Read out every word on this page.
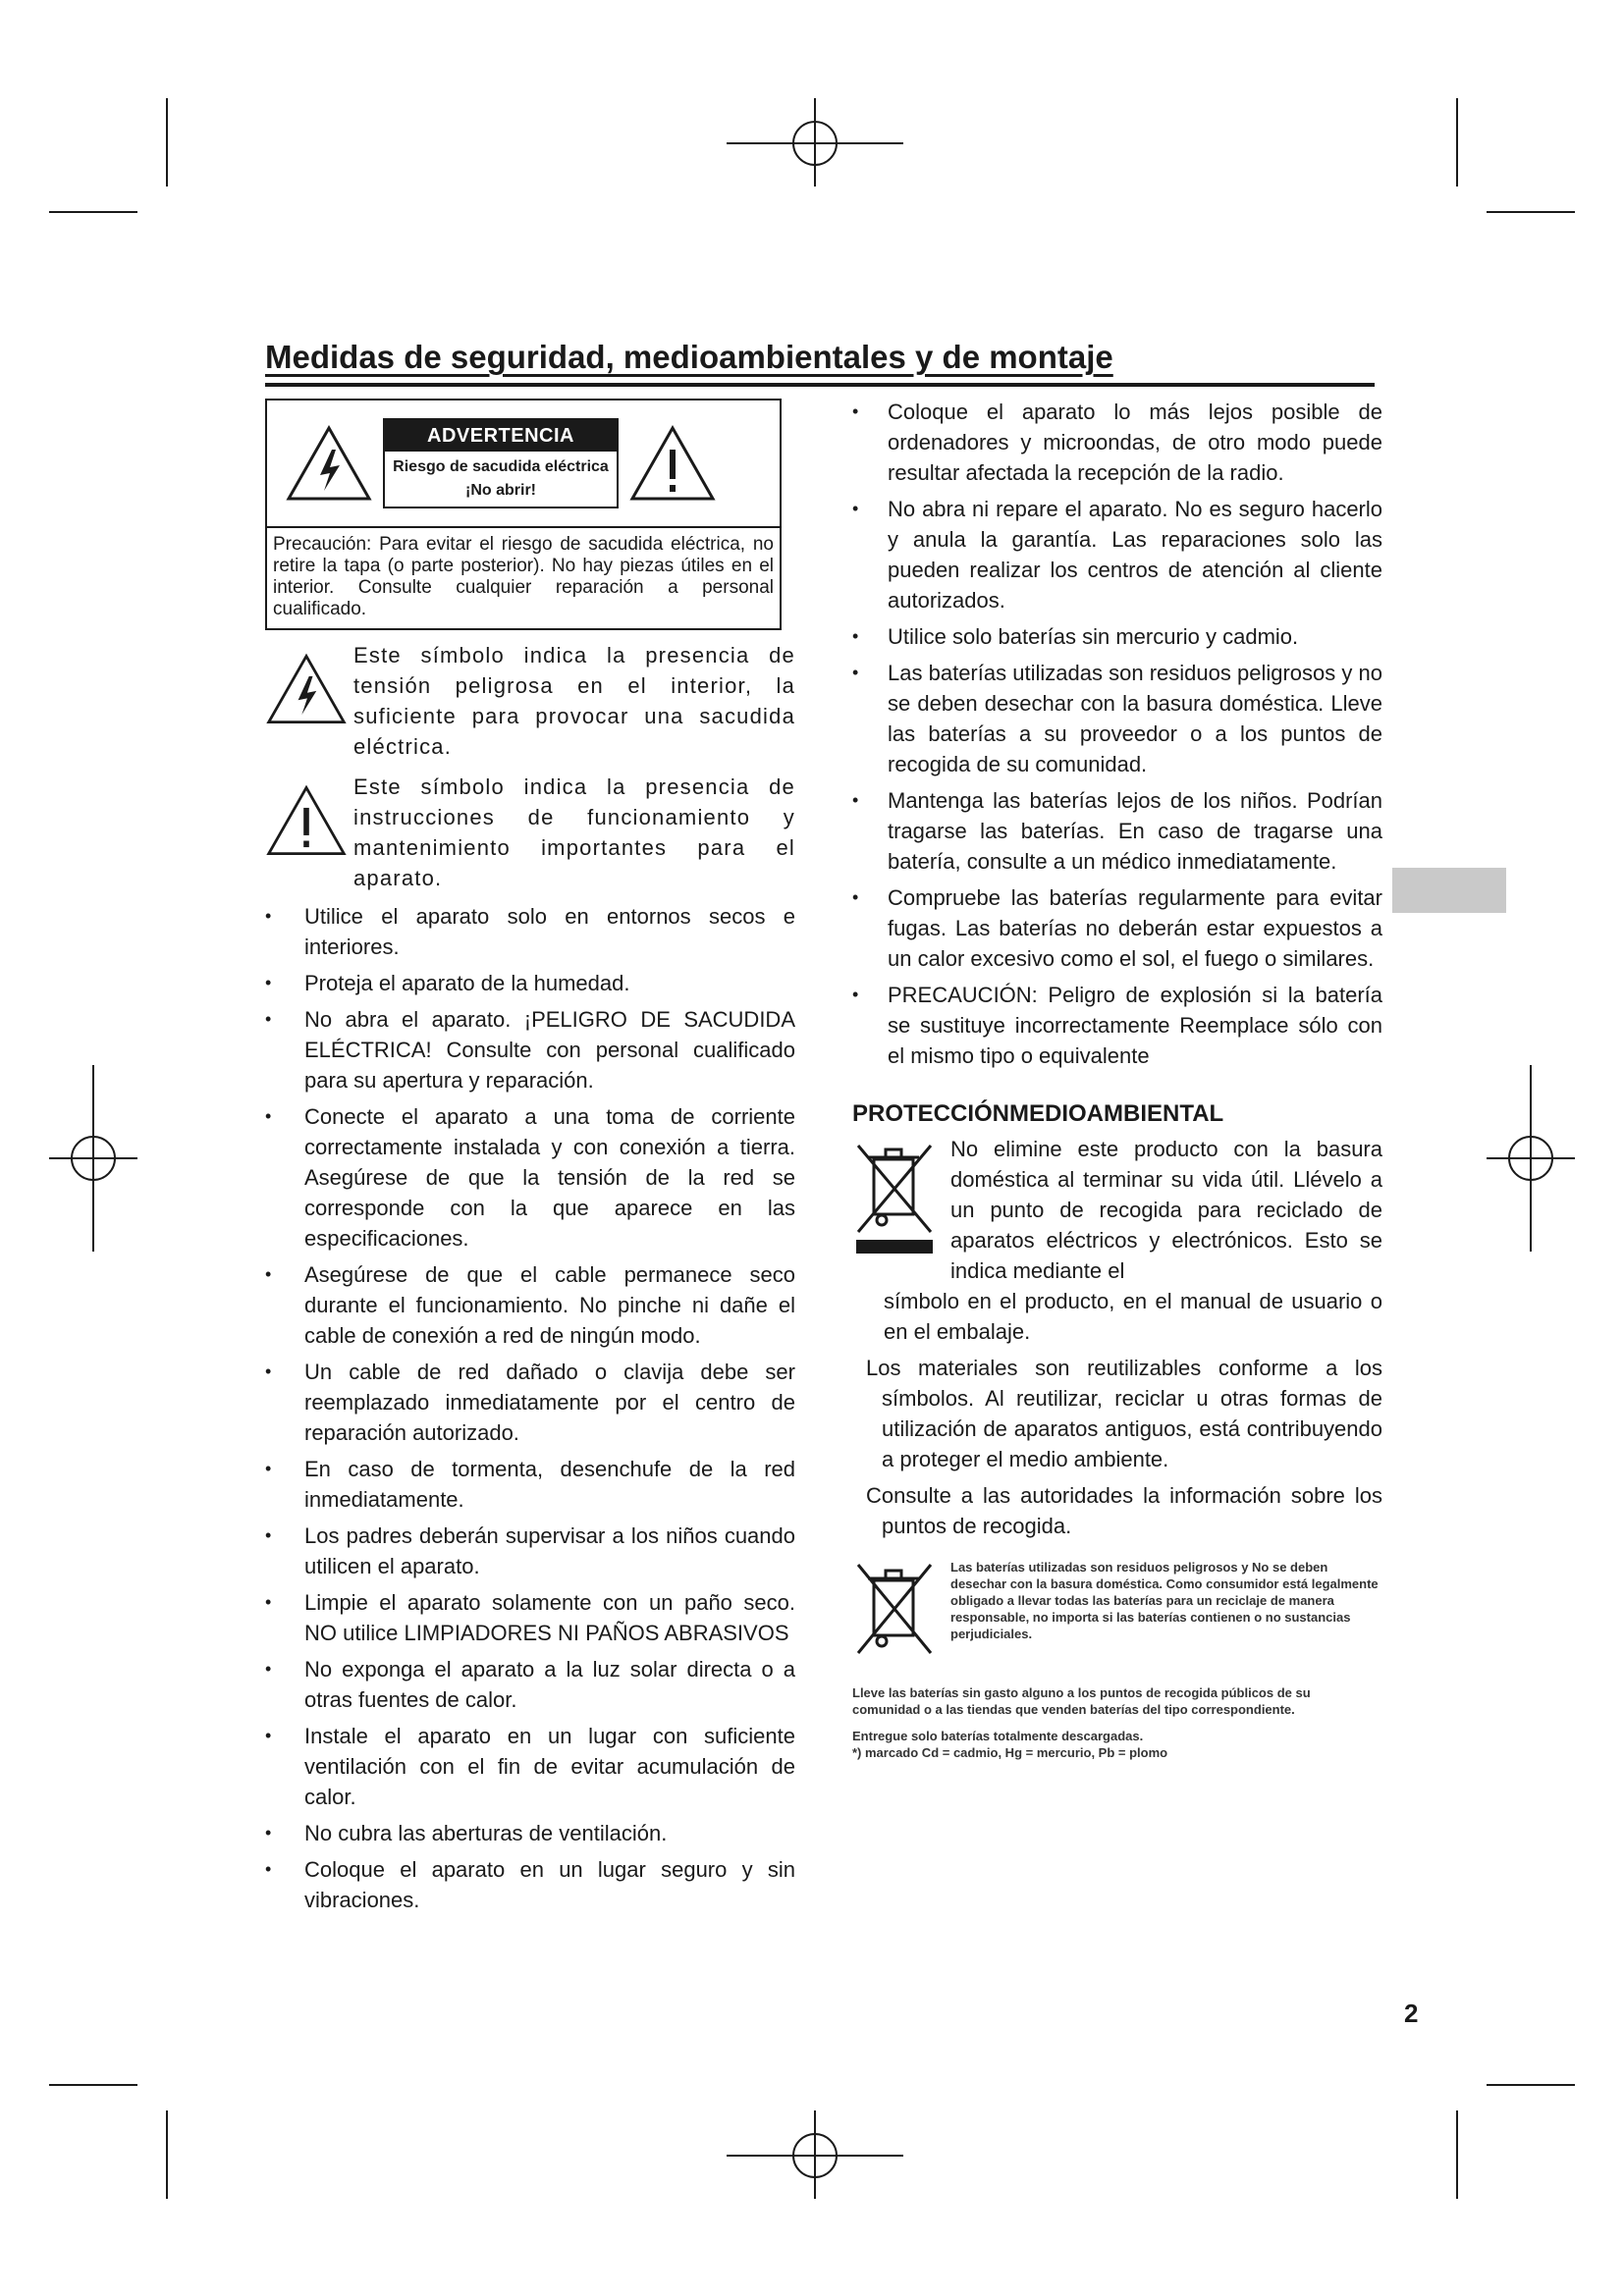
Medidas de seguridad, medioambientales y de montaje
ADVERTENCIA
Riesgo de sacudida eléctrica
¡No abrir!
Precaución: Para evitar el riesgo de sacudida eléctrica, no retire la tapa (o parte posterior). No hay piezas útiles en el interior. Consulte cualquier reparación a personal cualificado.
Este símbolo indica la presencia de tensión peligrosa en el interior, la suficiente para provocar una sacudida eléctrica.
Este símbolo indica la presencia de instrucciones de funcionamiento y mantenimiento importantes para el aparato.
• Utilice el aparato solo en entornos secos e interiores.
• Proteja el aparato de la humedad.
• No abra el aparato. ¡PELIGRO DE SACUDIDA ELÉCTRICA! Consulte con personal cualificado para su apertura y reparación.
• Conecte el aparato a una toma de corriente correctamente instalada y con conexión a tierra. Asegúrese de que la tensión de la red se corresponde con la que aparece en las especificaciones.
• Asegúrese de que el cable permanece seco durante el funcionamiento. No pinche ni dañe el cable de conexión a red de ningún modo.
• Un cable de red dañado o clavija debe ser reemplazado inmediatamente por el centro de reparación autorizado.
• En caso de tormenta, desenchufe de la red inmediatamente.
• Los padres deberán supervisar a los niños cuando utilicen el aparato.
• Limpie el aparato solamente con un paño seco. NO utilice LIMPIADORES NI PAÑOS ABRASIVOS
• No exponga el aparato a la luz solar directa o a otras fuentes de calor.
• Instale el aparato en un lugar con suficiente ventilación con el fin de evitar acumulación de calor.
• No cubra las aberturas de ventilación.
• Coloque el aparato en un lugar seguro y sin vibraciones.
• Coloque el aparato lo más lejos posible de ordenadores y microondas, de otro modo puede resultar afectada la recepción de la radio.
• No abra ni repare el aparato. No es seguro hacerlo y anula la garantía. Las reparaciones solo las pueden realizar los centros de atención al cliente autorizados.
• Utilice solo baterías sin mercurio y cadmio.
• Las baterías utilizadas son residuos peligrosos y no se deben desechar con la basura doméstica. Lleve las baterías a su proveedor o a los puntos de recogida de su comunidad.
• Mantenga las baterías lejos de los niños. Podrían tragarse las baterías. En caso de tragarse una batería, consulte a un médico inmediatamente.
• Compruebe las baterías regularmente para evitar fugas. Las baterías no deberán estar expuestos a un calor excesivo como el sol, el fuego o similares.
• PRECAUCIÓN: Peligro de explosión si la batería se sustituye incorrectamente Reemplace sólo con el mismo tipo o equivalente
PROTECCIÓNMEDIOAMBIENTAL
No elimine este producto con la basura doméstica al terminar su vida útil. Llévelo a un punto de recogida para reciclado de aparatos eléctricos y electrónicos. Esto se indica mediante el
símbolo en el producto, en el manual de usuario o en el embalaje.
Los materiales son reutilizables conforme a los símbolos. Al reutilizar, reciclar u otras formas de utilización de aparatos antiguos, está contribuyendo a proteger el medio ambiente.
Consulte a las autoridades la información sobre los puntos de recogida.
Las baterías utilizadas son residuos peligrosos y No se deben desechar con la basura doméstica. Como consumidor está legalmente obligado a llevar todas las baterías para un reciclaje de manera responsable, no importa si las baterías contienen o no sustancias perjudiciales.
Lleve las baterías sin gasto alguno a los puntos de recogida públicos de su comunidad o a las tiendas que venden baterías del tipo correspondiente.
Entregue solo baterías totalmente descargadas.
*) marcado Cd = cadmio, Hg = mercurio, Pb = plomo
2
